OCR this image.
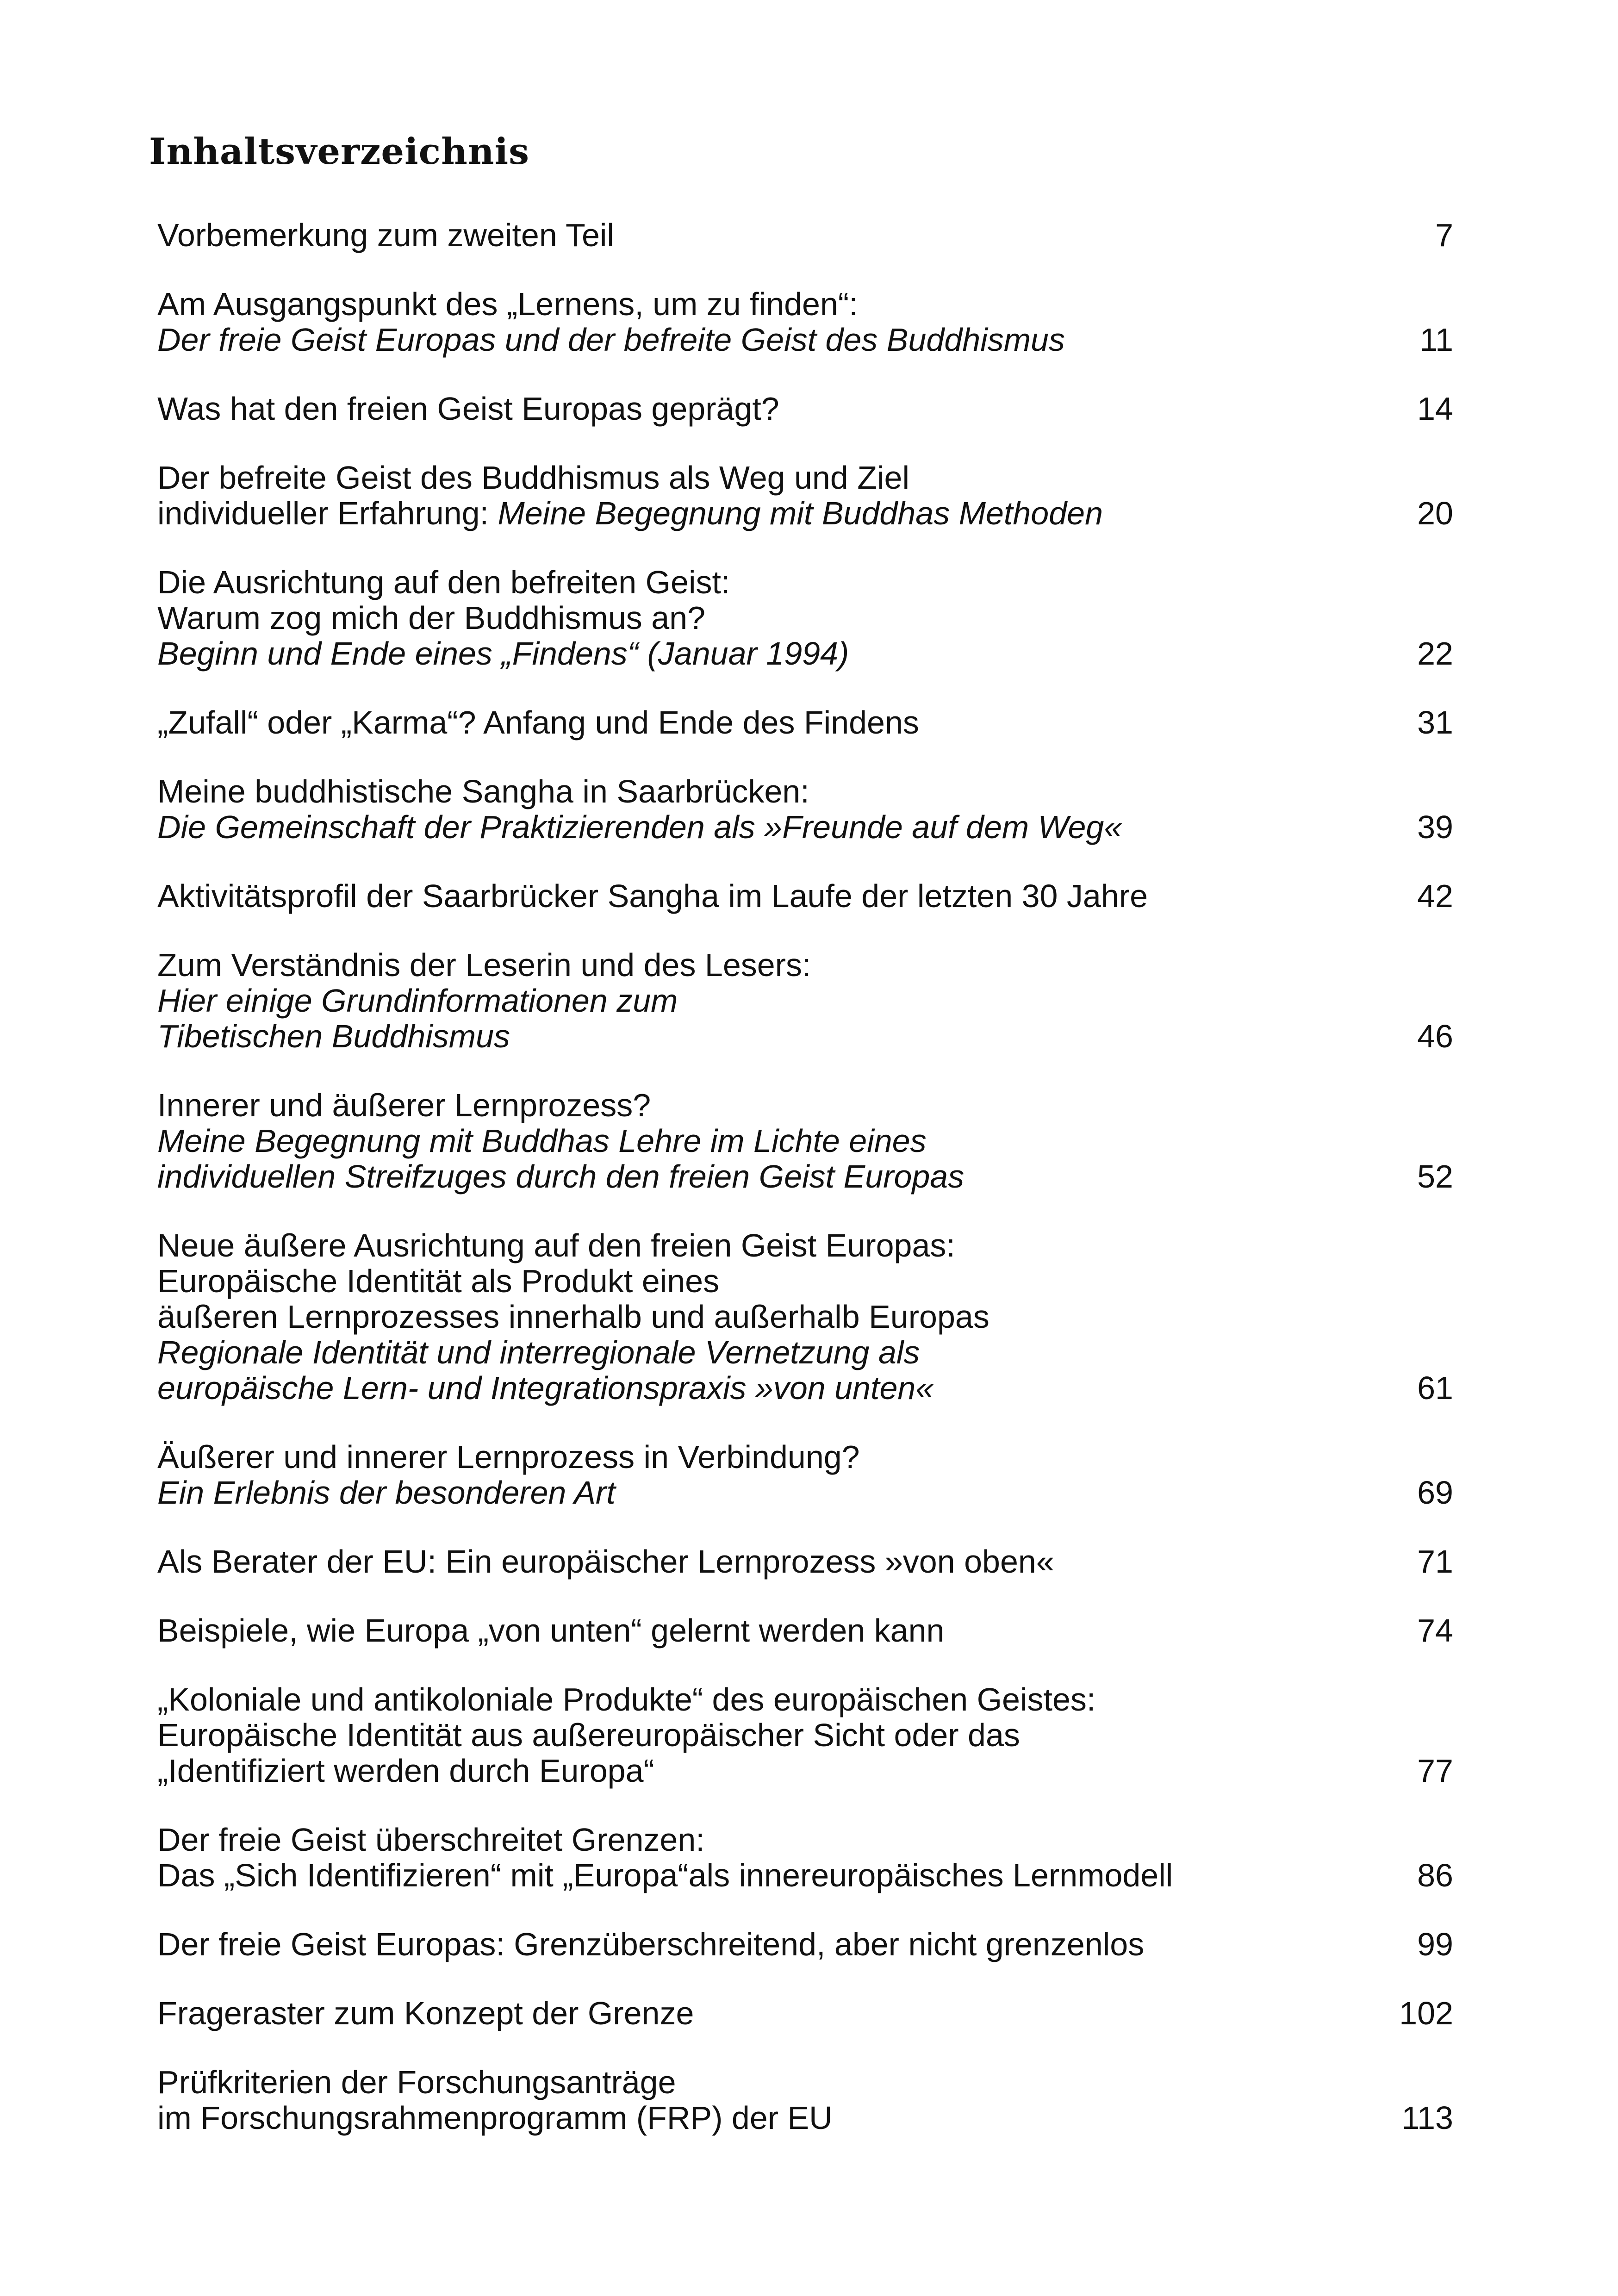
Inhaltsverzeichnis
Vorbemerkung zum zweiten Teil	7
Am Ausgangspunkt des „Lernens, um zu finden“:
Der freie Geist Europas und der befreite Geist des Buddhismus	11
Was hat den freien Geist Europas geprägt?	14
Der befreite Geist des Buddhismus als Weg und Ziel
individueller Erfahrung: Meine Begegnung mit Buddhas Methoden	20
Die Ausrichtung auf den befreiten Geist:
Warum zog mich der Buddhismus an?
Beginn und Ende eines „Findens“ (Januar 1994)	22
„Zufall“ oder „Karma“? Anfang und Ende des Findens	31
Meine buddhistische Sangha in Saarbrücken:
Die Gemeinschaft der Praktizierenden als »Freunde auf dem Weg«	39
Aktivitätsprofil der Saarbrücker Sangha im Laufe der letzten 30 Jahre	42
Zum Verständnis der Leserin und des Lesers:
Hier einige Grundinformationen zum
Tibetischen Buddhismus	46
Innerer und äußerer Lernprozess?
Meine Begegnung mit Buddhas Lehre im Lichte eines
individuellen Streifzuges durch den freien Geist Europas	52
Neue äußere Ausrichtung auf den freien Geist Europas:
Europäische Identität als Produkt eines
äußeren Lernprozesses innerhalb und außerhalb Europas
Regionale Identität und interregionale Vernetzung als
europäische Lern- und Integrationspraxis »von unten«	61
Äußerer und innerer Lernprozess in Verbindung?
Ein Erlebnis der besonderen Art	69
Als Berater der EU: Ein europäischer Lernprozess »von oben«	71
Beispiele, wie Europa „von unten“ gelernt werden kann	74
„Koloniale und antikoloniale Produkte“ des europäischen Geistes:
Europäische Identität aus außereuropäischer Sicht oder das
„Identifiziert werden durch Europa“	77
Der freie Geist überschreitet Grenzen:
Das „Sich Identifizieren“ mit „Europa“als innereuropäisches Lernmodell	86
Der freie Geist Europas: Grenzüberschreitend, aber nicht grenzenlos	99
Frageraster zum Konzept der Grenze	102
Prüfkriterien der Forschungsanträge
im Forschungsrahmenprogramm (FRP) der EU	113
